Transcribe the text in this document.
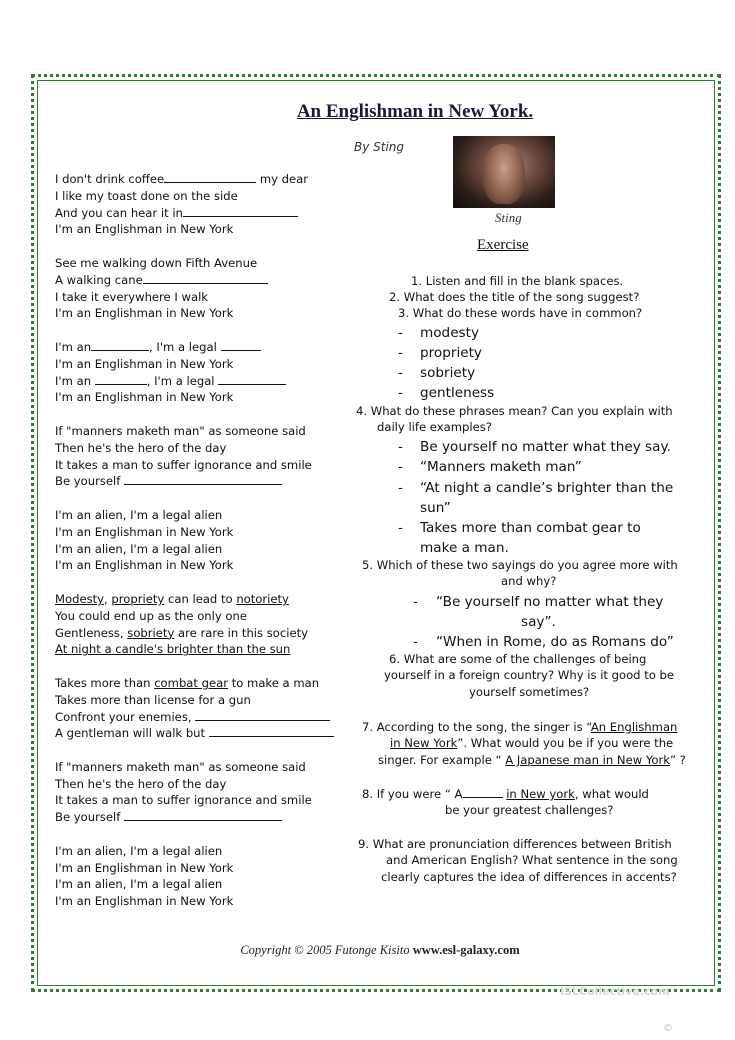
An Englishman in New York.
By Sting
Sting
Exercise
I don't drink coffee	my dear
I like my toast done on the side
And you can hear it in
I'm an Englishman in New York
See me walking down Fifth Avenue
A walking cane
I take it everywhere I walk
I'm an Englishman in New York
I'm an	, I'm a legal
I'm an Englishman in New York
I'm an	, I'm a legal
I'm an Englishman in New York
If "manners maketh man" as someone said
Then he's the hero of the day
It takes a man to suffer ignorance and smile
Be yourself
I'm an alien, I'm a legal alien
I'm an Englishman in New York
I'm an alien, I'm a legal alien
I'm an Englishman in New York
Modesty, propriety can lead to notoriety
You could end up as the only one
Gentleness, sobriety are rare in this society
At night a candle's brighter than the sun
Takes more than combat gear to make a man
Takes more than license for a gun
Confront your enemies,
A gentleman will walk but
If "manners maketh man" as someone said
Then he's the hero of the day
It takes a man to suffer ignorance and smile
Be yourself
I'm an alien, I'm a legal alien
I'm an Englishman in New York
I'm an alien, I'm a legal alien
I'm an Englishman in New York
1. Listen and fill in the blank spaces.
2. What does the title of the song suggest?
3. What do these words have in common?
- modesty
- propriety
- sobriety
- gentleness
4. What do these phrases mean? Can you explain with
daily life examples?
- Be yourself no matter what they say.
- “Manners maketh man”
- “At night a candle’s brighter than the
sun”
- Takes more than combat gear to
make a man.
5. Which of these two sayings do you agree more with
and why?
- “Be yourself no matter what they
say”.
- “When in Rome, do as Romans do”
6. What are some of the challenges of being
yourself in a foreign country? Why is it good to be
yourself sometimes?
7. According to the song, the singer is “An Englishman
in New York”. What would you be if you were the
singer. For example “ A Japanese man in New York” ?
8. If you were “ A	in New york, what would
be your greatest challenges?
9. What are pronunciation differences between British
and American English? What sentence in the song
clearly captures the idea of differences in accents?
Copyright © 2005 Futonge Kisito www.esl-galaxy.com
ISLCollective.com
©
